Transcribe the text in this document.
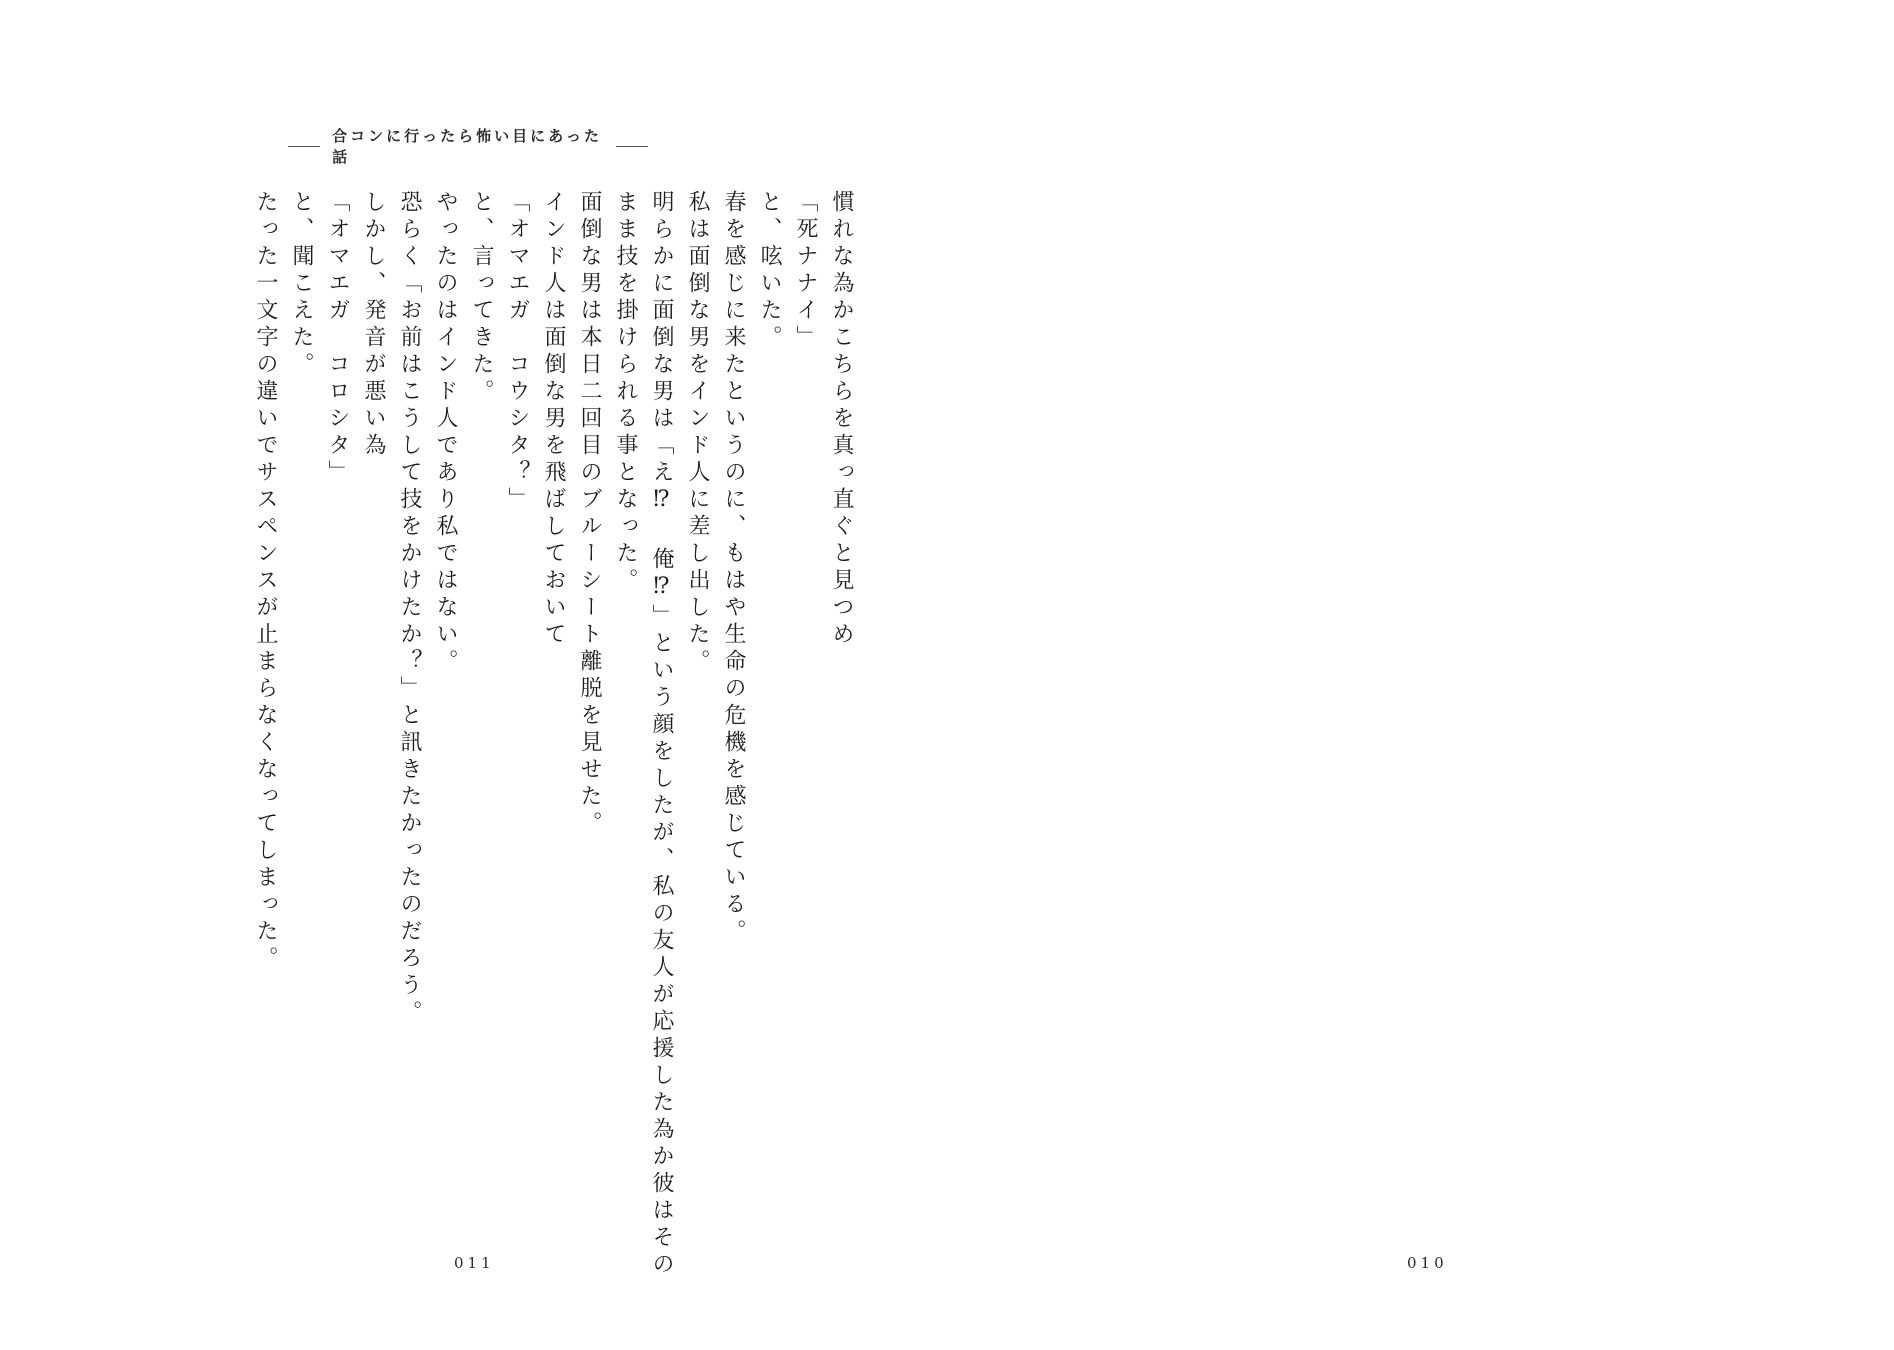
合コンに行ったら怖い目にあった話
慣れな為かこちらを真っ直ぐと見つめ
「死ナナイ」
と、呟いた。
春を感じに来たというのに、もはや生命の危機を感じている。
私は面倒な男をインド人に差し出した。
明らかに面倒な男は「え⁉ 俺⁉」という顔をしたが、私の友人が応援した為か彼はその
まま技を掛けられる事となった。
面倒な男は本日二回目のブルーシート離脱を見せた。
インド人は面倒な男を飛ばしておいて
「オマエガ　コウシタ？」
と、言ってきた。
やったのはインド人であり私ではない。
恐らく「お前はこうして技をかけたか？」と訊きたかったのだろう。
しかし、発音が悪い為
「オマエガ　コロシタ」
と、聞こえた。
たった一文字の違いでサスペンスが止まらなくなってしまった。
010

011
